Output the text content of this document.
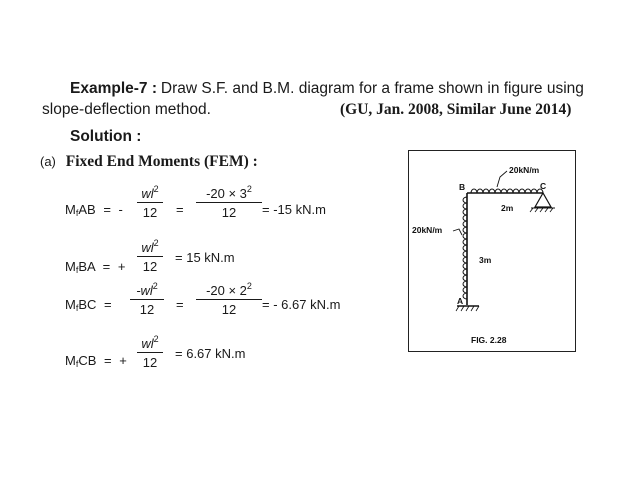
Example-7 : Draw S.F. and B.M. diagram for a frame shown in figure using
slope-deflection method.	(GU, Jan. 2008, Similar June 2014)
Solution :
(a) Fixed End Moments (FEM) :
$M_fAB$ = -
$wl^2$
12	=
$-20 \times 3^2$
12	= -15 kN.m
$M_fBA$ = +
$wl^2$
12
= 15 kN.m
$M_fBC$ =
$-wl^2$
12	=
$-20 \times 2^2$
12	= - 6.67 kN.m
$M_fCB$ = +
$wl^2$
12
= 6.67 kN.m
20kN/m
B	C
2m
20kN/m
3m
A
FIG. 2.28
